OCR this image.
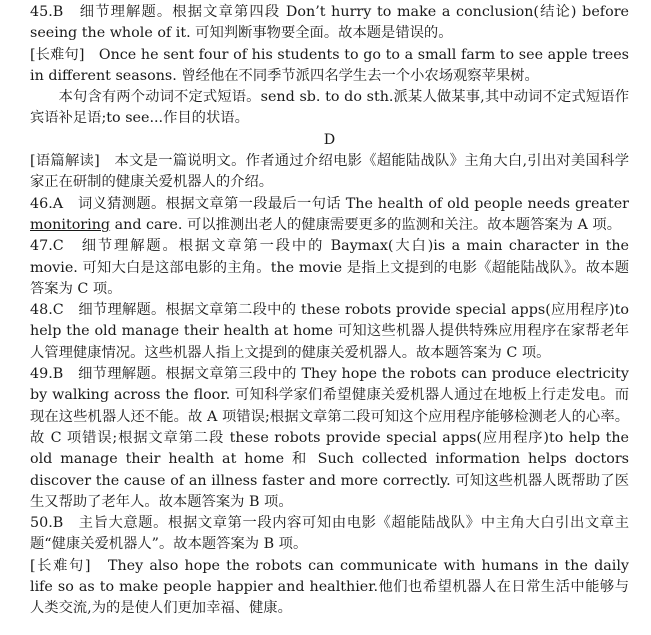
45.B　细节理解题。根据文章第四段 Don’t hurry to make a conclusion(结论) before seeing the whole of it. 可知判断事物要全面。故本题是错误的。

[长难句]　Once he sent four of his students to go to a small farm to see apple trees in different seasons. 曾经他在不同季节派四名学生去一个小农场观察苹果树。

本句含有两个动词不定式短语。send sb. to do sth.派某人做某事,其中动词不定式短语作宾语补足语;to see...作目的状语。

D

[语篇解读]　本文是一篇说明文。作者通过介绍电影《超能陆战队》主角大白,引出对美国科学家正在研制的健康关爱机器人的介绍。

46.A　词义猜测题。根据文章第一段最后一句话 The health of old people needs greater monitoring and care. 可以推测出老人的健康需要更多的监测和关注。故本题答案为 A 项。

47.C　细节理解题。根据文章第一段中的 Baymax(大白)is a main character in the movie. 可知大白是这部电影的主角。the movie 是指上文提到的电影《超能陆战队》。故本题答案为 C 项。

48.C　细节理解题。根据文章第二段中的 these robots provide special apps(应用程序)to help the old manage their health at home 可知这些机器人提供特殊应用程序在家帮老年人管理健康情况。这些机器人指上文提到的健康关爱机器人。故本题答案为 C 项。

49.B　细节理解题。根据文章第三段中的 They hope the robots can produce electricity by walking across the floor. 可知科学家们希望健康关爱机器人通过在地板上行走发电。而现在这些机器人还不能。故 A 项错误;根据文章第二段可知这个应用程序能够检测老人的心率。故 C 项错误;根据文章第二段 these robots provide special apps(应用程序)to help the old manage their health at home 和 Such collected information helps doctors discover the cause of an illness faster and more correctly. 可知这些机器人既帮助了医生又帮助了老年人。故本题答案为 B 项。

50.B　主旨大意题。根据文章第一段内容可知由电影《超能陆战队》中主角大白引出文章主题“健康关爱机器人”。故本题答案为 B 项。

[长难句]　They also hope the robots can communicate with humans in the daily life so as to make people happier and healthier.他们也希望机器人在日常生活中能够与人类交流,为的是使人们更加幸福、健康。
